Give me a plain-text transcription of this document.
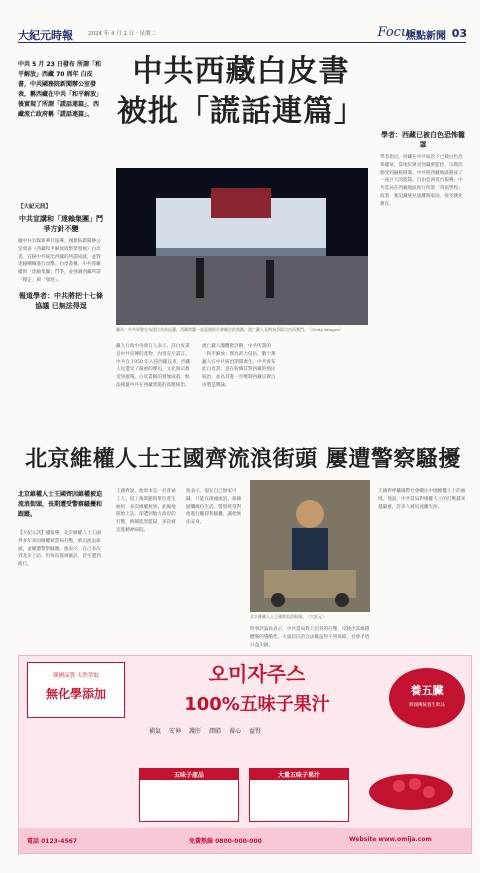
大紀元時報	2024 年 4 月 2 日 · 星期二	Focus
焦點新聞 03
中共 5 月 23 日發布 所謂「和平解放」西藏 70 周年 白皮書，中共國務院新聞辦公室發表，稱西藏在中共「和平解放」後實現了所謂「謊話連篇」，西藏流亡政府稱「謊話連篇」。
中共西藏白皮書
被批「謊話連篇」
【大紀元訊】
中共宣講和「達賴集團」鬥爭方針不變
據中共官媒新華社報導，國務院新聞辦公室發表《西藏和平解放與繁榮發展》白皮書，宣揚中共統治西藏的所謂成就，並對達賴喇嘛進行攻擊。白皮書稱，中共將繼續與「達賴集團」鬥爭，並強調西藏所謂「穩定」與「發展」。
報道學者：中共將把十七條協議 已無法得逞
圖為：中共軍警在布達拉宮前巡邏。西藏問題一直是國際社會關注的焦點，流亡藏人長期為爭取自由而奮鬥。（Getty Images）
藏人行政中央發言人表示，該白皮書是中共宣傳的產物，內容充斥謊言。中共自 1950 年入侵西藏以來，西藏人民遭受了嚴重的壓迫，文化與宗教受到摧殘。白皮書稱的發展成就，無法掩蓋中共在西藏實施的高壓統治。
流亡藏人團體批評稱，中共所謂的「和平解放」實為武力侵佔，數十萬藏人在中共統治期間喪生。中共發布此白皮書，意在粉飾其對西藏的殖民統治，並為其進一步壓制西藏宗教自由製造輿論。
學者：西藏已被白色恐怖籠罩
學者指出，西藏在中共統治下已被白色恐怖籠罩，當地民眾受到嚴密監控，宗教活動受到嚴格限制。中共將西藏地區變成了一座巨大的監獄。自由亞洲電台報導，中共當局在西藏地區推行所謂「寄宿學校」政策，強迫藏族兒童離開家庭，接受漢化教育。
北京維權人士王國齊流浪街頭 屢遭警察騷擾
北京維權人士王國齊因維權被迫流浪街頭，長期遭受警察騷擾和跟蹤。
【大紀元訊】據報導，北京維權人士王國齊多年來因維權被當局打壓，被迫流浪街頭，並屢遭警察騷擾。他表示，自己多次到北京上訪，但每次都被截訪，甚至遭到毆打。
王國齊說，他原本是一名普通工人，因工傷問題與單位產生糾紛，多次維權無果。此後他開始上訪，卻遭到地方政府的打壓，被關進黑監獄，多次被送進精神病院。
他表示，現在自己無家可歸，只能在街頭流浪，靠撿破爛維持生活。警察經常對他進行驅趕和騷擾，讓他無法安身。
北京維權人士王國齊流浪街頭。（大紀元）
王國齊呼籲國際社會關注中國維權人士的處境。他說，中共當局對維權人士的打壓越來越嚴重，許多人被迫流離失所。
時事評論員表示，中共當局對上訪者的打壓，反映出其維穩體制的殘酷性。大量訪民的合法權益得不到保障，社會矛盾日益尖銳。
韓國品質 天然萃取
無化學添加
오미자주스
100%五味子果汁
養五臟
韓國傳統養生飲品
補氣 安神 護肝 潤肺 養心 益腎
五味子產品	大量五味子果汁
電話 0123-4567	免費熱線 0800-000-000	Website www.omija.com
